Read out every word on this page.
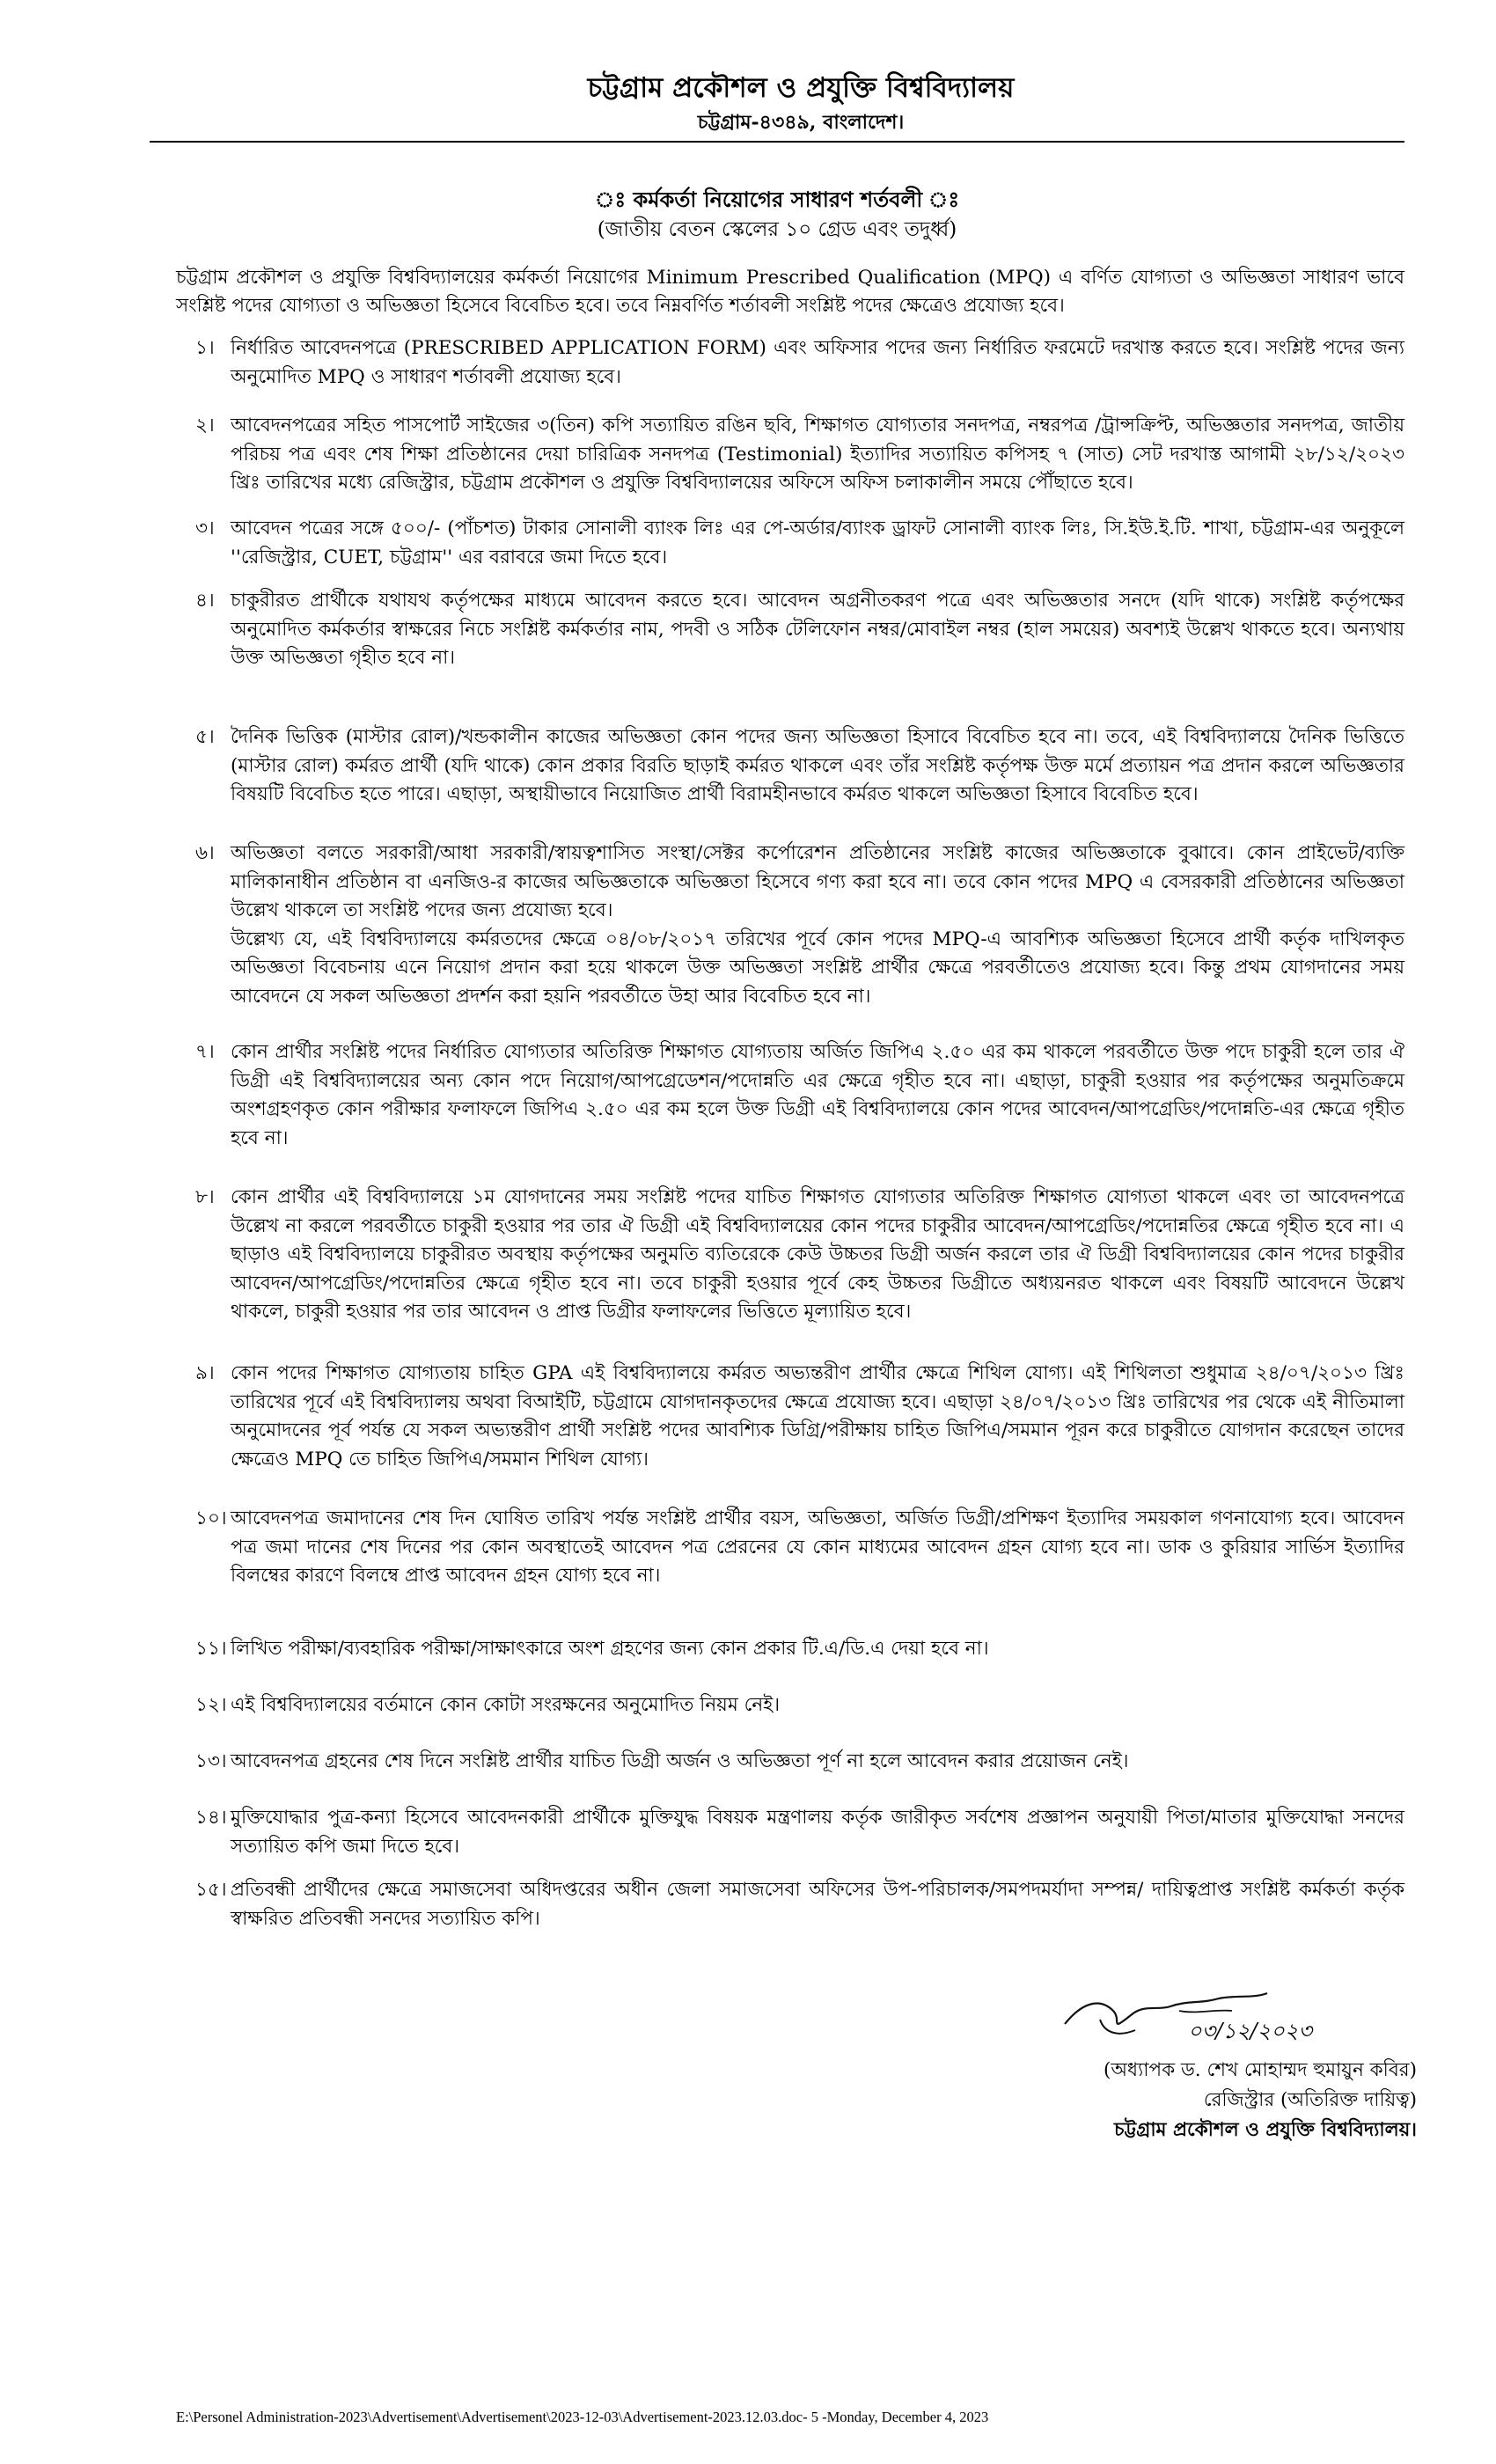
চট্টগ্রাম প্রকৌশল ও প্রযুক্তি বিশ্ববিদ্যালয়
চট্টগ্রাম-৪৩৪৯, বাংলাদেশ।
ঃ কর্মকর্তা নিয়োগের সাধারণ শর্তবলী ঃ
(জাতীয় বেতন স্কেলের ১০ গ্রেড এবং তদুর্ধ্ব)
চট্টগ্রাম প্রকৌশল ও প্রযুক্তি বিশ্ববিদ্যালয়ের কর্মকর্তা নিয়োগের Minimum Prescribed Qualification (MPQ) এ বর্ণিত যোগ্যতা ও অভিজ্ঞতা সাধারণ ভাবে সংশ্লিষ্ট পদের যোগ্যতা ও অভিজ্ঞতা হিসেবে বিবেচিত হবে। তবে নিম্নবর্ণিত শর্তাবলী সংশ্লিষ্ট পদের ক্ষেত্রেও প্রযোজ্য হবে।
১। নির্ধারিত আবেদনপত্রে (PRESCRIBED APPLICATION FORM) এবং অফিসার পদের জন্য নির্ধারিত ফরমেটে দরখাস্ত করতে হবে। সংশ্লিষ্ট পদের জন্য অনুমোদিত MPQ ও সাধারণ শর্তাবলী প্রযোজ্য হবে।

২। আবেদনপত্রের সহিত পাসপোর্ট সাইজের ৩(তিন) কপি সত্যায়িত রঙিন ছবি, শিক্ষাগত যোগ্যতার সনদপত্র, নম্বরপত্র /ট্রান্সক্রিপ্ট, অভিজ্ঞতার সনদপত্র, জাতীয় পরিচয় পত্র এবং শেষ শিক্ষা প্রতিষ্ঠানের দেয়া চারিত্রিক সনদপত্র (Testimonial) ইত্যাদির সত্যায়িত কপিসহ ৭ (সাত) সেট দরখাস্ত আগামী ২৮/১২/২০২৩ খ্রিঃ তারিখের মধ্যে রেজিস্ট্রার, চট্টগ্রাম প্রকৌশল ও প্রযুক্তি বিশ্ববিদ্যালয়ের অফিসে অফিস চলাকালীন সময়ে পৌঁছাতে হবে।

৩। আবেদন পত্রের সঙ্গে ৫০০/- (পাঁচশত) টাকার সোনালী ব্যাংক লিঃ এর পে-অর্ডার/ব্যাংক ড্রাফট সোনালী ব্যাংক লিঃ, সি.ইউ.ই.টি. শাখা, চট্টগ্রাম-এর অনুকূলে ''রেজিস্ট্রার, CUET, চট্টগ্রাম'' এর বরাবরে জমা দিতে হবে।

৪। চাকুরীরত প্রার্থীকে যথাযথ কর্তৃপক্ষের মাধ্যমে আবেদন করতে হবে। আবেদন অগ্রনীতকরণ পত্রে এবং অভিজ্ঞতার সনদে (যদি থাকে) সংশ্লিষ্ট কর্তৃপক্ষের অনুমোদিত কর্মকর্তার স্বাক্ষরের নিচে সংশ্লিষ্ট কর্মকর্তার নাম, পদবী ও সঠিক টেলিফোন নম্বর/মোবাইল নম্বর (হাল সময়ের) অবশ্যই উল্লেখ থাকতে হবে। অন্যথায় উক্ত অভিজ্ঞতা গৃহীত হবে না।

৫। দৈনিক ভিত্তিক (মাস্টার রোল)/খন্ডকালীন কাজের অভিজ্ঞতা কোন পদের জন্য অভিজ্ঞতা হিসাবে বিবেচিত হবে না। তবে, এই বিশ্ববিদ্যালয়ে দৈনিক ভিত্তিতে (মাস্টার রোল) কর্মরত প্রার্থী (যদি থাকে) কোন প্রকার বিরতি ছাড়াই কর্মরত থাকলে এবং তাঁর সংশ্লিষ্ট কর্তৃপক্ষ উক্ত মর্মে প্রত্যায়ন পত্র প্রদান করলে অভিজ্ঞতার বিষয়টি বিবেচিত হতে পারে। এছাড়া, অস্থায়ীভাবে নিয়োজিত প্রার্থী বিরামহীনভাবে কর্মরত থাকলে অভিজ্ঞতা হিসাবে বিবেচিত হবে।

৬। অভিজ্ঞতা বলতে সরকারী/আধা সরকারী/স্বায়ত্বশাসিত সংস্থা/সেক্টর কর্পোরেশন প্রতিষ্ঠানের সংশ্লিষ্ট কাজের অভিজ্ঞতাকে বুঝাবে। কোন প্রাইভেট/ব্যক্তি মালিকানাধীন প্রতিষ্ঠান বা এনজিও-র কাজের অভিজ্ঞতাকে অভিজ্ঞতা হিসেবে গণ্য করা হবে না। তবে কোন পদের MPQ এ বেসরকারী প্রতিষ্ঠানের অভিজ্ঞতা উল্লেখ থাকলে তা সংশ্লিষ্ট পদের জন্য প্রযোজ্য হবে।

উল্লেখ্য যে, এই বিশ্ববিদ্যালয়ে কর্মরতদের ক্ষেত্রে ০৪/০৮/২০১৭ তরিখের পূর্বে কোন পদের MPQ-এ আবশ্যিক অভিজ্ঞতা হিসেবে প্রার্থী কর্তৃক দাখিলকৃত অভিজ্ঞতা বিবেচনায় এনে নিয়োগ প্রদান করা হয়ে থাকলে উক্ত অভিজ্ঞতা সংশ্লিষ্ট প্রার্থীর ক্ষেত্রে পরবর্তীতেও প্রযোজ্য হবে। কিন্তু প্রথম যোগদানের সময় আবেদনে যে সকল অভিজ্ঞতা প্রদর্শন করা হয়নি পরবর্তীতে উহা আর বিবেচিত হবে না।

৭। কোন প্রার্থীর সংশ্লিষ্ট পদের নির্ধারিত যোগ্যতার অতিরিক্ত শিক্ষাগত যোগ্যতায় অর্জিত জিপিএ ২.৫০ এর কম থাকলে পরবর্তীতে উক্ত পদে চাকুরী হলে তার ঐ ডিগ্রী এই বিশ্ববিদ্যালয়ের অন্য কোন পদে নিয়োগ/আপগ্রেডেশন/পদোন্নতি এর ক্ষেত্রে গৃহীত হবে না। এছাড়া, চাকুরী হওয়ার পর কর্তৃপক্ষের অনুমতিক্রমে অংশগ্রহণকৃত কোন পরীক্ষার ফলাফলে জিপিএ ২.৫০ এর কম হলে উক্ত ডিগ্রী এই বিশ্ববিদ্যালয়ে কোন পদের আবেদন/আপগ্রেডিং/পদোন্নতি-এর ক্ষেত্রে গৃহীত হবে না।

৮। কোন প্রার্থীর এই বিশ্ববিদ্যালয়ে ১ম যোগদানের সময় সংশ্লিষ্ট পদের যাচিত শিক্ষাগত যোগ্যতার অতিরিক্ত শিক্ষাগত যোগ্যতা থাকলে এবং তা আবেদনপত্রে উল্লেখ না করলে পরবর্তীতে চাকুরী হওয়ার পর তার ঐ ডিগ্রী এই বিশ্ববিদ্যালয়ের কোন পদের চাকুরীর আবেদন/আপগ্রেডিং/পদোন্নতির ক্ষেত্রে গৃহীত হবে না। এ ছাড়াও এই বিশ্ববিদ্যালয়ে চাকুরীরত অবস্থায় কর্তৃপক্ষের অনুমতি ব্যতিরেকে কেউ উচ্চতর ডিগ্রী অর্জন করলে তার ঐ ডিগ্রী বিশ্ববিদ্যালয়ের কোন পদের চাকুরীর আবেদন/আপগ্রেডিং/পদোন্নতির ক্ষেত্রে গৃহীত হবে না। তবে চাকুরী হওয়ার পূর্বে কেহ উচ্চতর ডিগ্রীতে অধ্যয়নরত থাকলে এবং বিষয়টি আবেদনে উল্লেখ থাকলে, চাকুরী হওয়ার পর তার আবেদন ও প্রাপ্ত ডিগ্রীর ফলাফলের ভিত্তিতে মূল্যায়িত হবে।

৯। কোন পদের শিক্ষাগত যোগ্যতায় চাহিত GPA এই বিশ্ববিদ্যালয়ে কর্মরত অভ্যন্তরীণ প্রার্থীর ক্ষেত্রে শিথিল যোগ্য। এই শিথিলতা শুধুমাত্র ২৪/০৭/২০১৩ খ্রিঃ তারিখের পূর্বে এই বিশ্ববিদ্যালয় অথবা বিআইটি, চট্টগ্রামে যোগদানকৃতদের ক্ষেত্রে প্রযোজ্য হবে। এছাড়া ২৪/০৭/২০১৩ খ্রিঃ তারিখের পর থেকে এই নীতিমালা অনুমোদনের পূর্ব পর্যন্ত যে সকল অভ্যন্তরীণ প্রার্থী সংশ্লিষ্ট পদের আবশ্যিক ডিগ্রি/পরীক্ষায় চাহিত জিপিএ/সমমান পূরন করে চাকুরীতে যোগদান করেছেন তাদের ক্ষেত্রেও MPQ তে চাহিত জিপিএ/সমমান শিথিল যোগ্য।

১০। আবেদনপত্র জমাদানের শেষ দিন ঘোষিত তারিখ পর্যন্ত সংশ্লিষ্ট প্রার্থীর বয়স, অভিজ্ঞতা, অর্জিত ডিগ্রী/প্রশিক্ষণ ইত্যাদির সময়কাল গণনাযোগ্য হবে। আবেদন পত্র জমা দানের শেষ দিনের পর কোন অবস্থাতেই আবেদন পত্র প্রেরনের যে কোন মাধ্যমের আবেদন গ্রহন যোগ্য হবে না। ডাক ও কুরিয়ার সার্ভিস ইত্যাদির বিলম্বের কারণে বিলম্বে প্রাপ্ত আবেদন গ্রহন যোগ্য হবে না।

১১। লিখিত পরীক্ষা/ব্যবহারিক পরীক্ষা/সাক্ষাৎকারে অংশ গ্রহণের জন্য কোন প্রকার টি.এ/ডি.এ দেয়া হবে না।

১২। এই বিশ্ববিদ্যালয়ের বর্তমানে কোন কোটা সংরক্ষনের অনুমোদিত নিয়ম নেই।

১৩। আবেদনপত্র গ্রহনের শেষ দিনে সংশ্লিষ্ট প্রার্থীর যাচিত ডিগ্রী অর্জন ও অভিজ্ঞতা পূর্ণ না হলে আবেদন করার প্রয়োজন নেই।

১৪। মুক্তিযোদ্ধার পুত্র-কন্যা হিসেবে আবেদনকারী প্রার্থীকে মুক্তিযুদ্ধ বিষয়ক মন্ত্রণালয় কর্তৃক জারীকৃত সর্বশেষ প্রজ্ঞাপন অনুযায়ী পিতা/মাতার মুক্তিযোদ্ধা সনদের সত্যায়িত কপি জমা দিতে হবে।

১৫। প্রতিবন্ধী প্রার্থীদের ক্ষেত্রে সমাজসেবা অধিদপ্তরের অধীন জেলা সমাজসেবা অফিসের উপ-পরিচালক/সমপদমর্যাদা সম্পন্ন/ দায়িত্বপ্রাপ্ত সংশ্লিষ্ট কর্মকর্তা কর্তৃক স্বাক্ষরিত প্রতিবন্ধী সনদের সত্যায়িত কপি।

০৩/১২/২০২৩
(অধ্যাপক ড. শেখ মোহাম্মদ হুমায়ুন কবির)
রেজিস্ট্রার (অতিরিক্ত দায়িত্ব)
চট্টগ্রাম প্রকৌশল ও প্রযুক্তি বিশ্ববিদ্যালয়।
E:\Personel Administration-2023\Advertisement\Advertisement\2023-12-03\Advertisement-2023.12.03.doc- 5 -Monday, December 4, 2023
